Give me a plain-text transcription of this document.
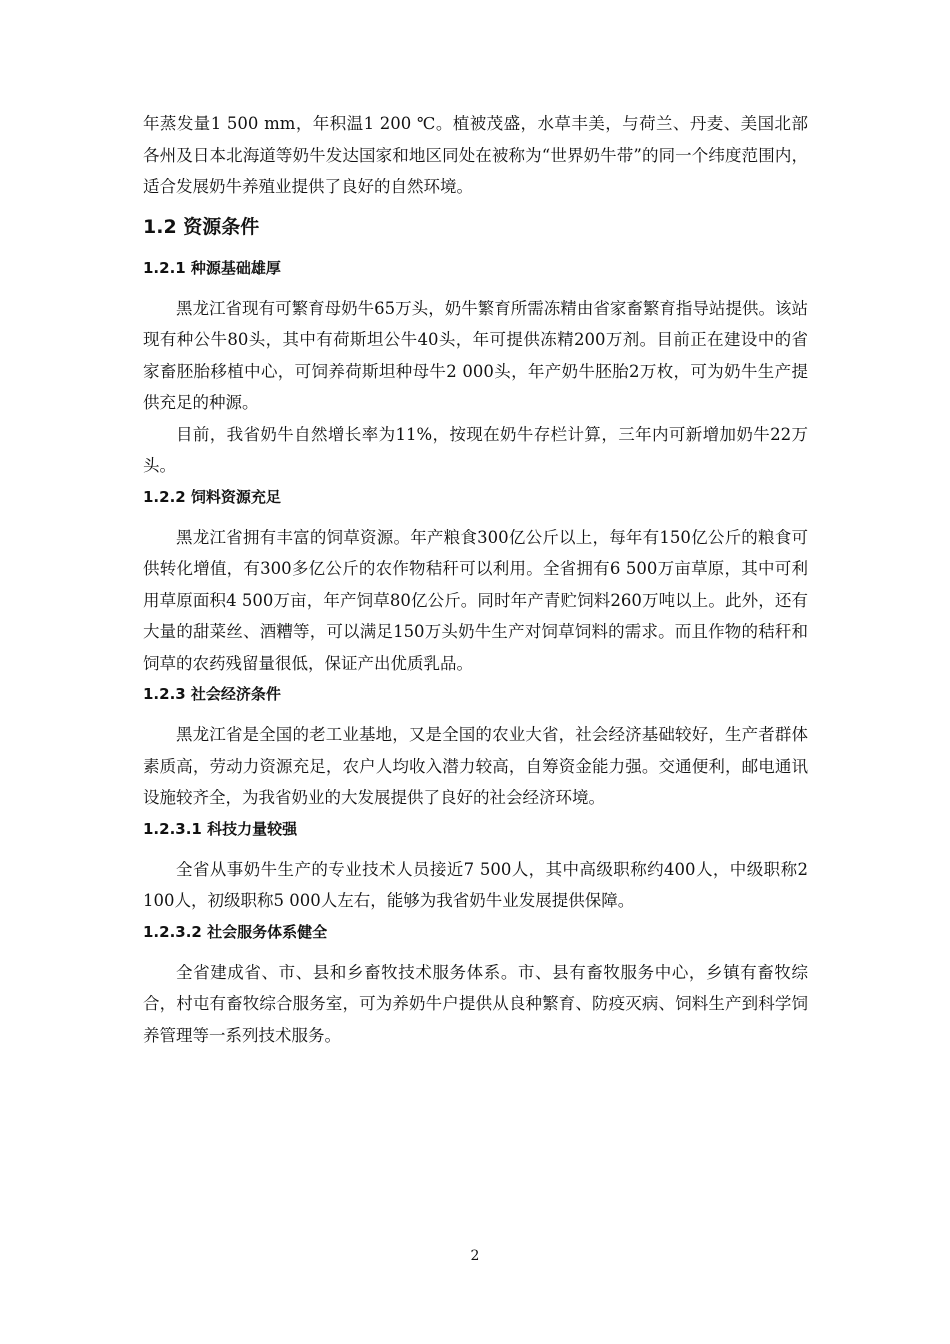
年蒸发量1 500 mm，年积温1 200 ℃。植被茂盛，水草丰美，与荷兰、丹麦、美国北部各州及日本北海道等奶牛发达国家和地区同处在被称为“世界奶牛带”的同一个纬度范围内，适合发展奶牛养殖业提供了良好的自然环境。

1.2 资源条件
1.2.1 种源基础雄厚

黑龙江省现有可繁育母奶牛65万头，奶牛繁育所需冻精由省家畜繁育指导站提供。该站现有种公牛80头，其中有荷斯坦公牛40头，年可提供冻精200万剂。目前正在建设中的省家畜胚胎移植中心，可饲养荷斯坦种母牛2 000头，年产奶牛胚胎2万枚，可为奶牛生产提供充足的种源。

目前，我省奶牛自然增长率为11%，按现在奶牛存栏计算，三年内可新增加奶牛22万头。

1.2.2 饲料资源充足

黑龙江省拥有丰富的饲草资源。年产粮食300亿公斤以上，每年有150亿公斤的粮食可供转化增值，有300多亿公斤的农作物秸秆可以利用。全省拥有6 500万亩草原，其中可利用草原面积4 500万亩，年产饲草80亿公斤。同时年产青贮饲料260万吨以上。此外，还有大量的甜菜丝、酒糟等，可以满足150万头奶牛生产对饲草饲料的需求。而且作物的秸秆和饲草的农药残留量很低，保证产出优质乳品。

1.2.3 社会经济条件

黑龙江省是全国的老工业基地，又是全国的农业大省，社会经济基础较好，生产者群体素质高，劳动力资源充足，农户人均收入潜力较高，自筹资金能力强。交通便利，邮电通讯设施较齐全，为我省奶业的大发展提供了良好的社会经济环境。

1.2.3.1 科技力量较强

全省从事奶牛生产的专业技术人员接近7 500人，其中高级职称约400人，中级职称2 100人，初级职称5 000人左右，能够为我省奶牛业发展提供保障。

1.2.3.2 社会服务体系健全

全省建成省、市、县和乡畜牧技术服务体系。市、县有畜牧服务中心，乡镇有畜牧综合，村屯有畜牧综合服务室，可为养奶牛户提供从良种繁育、防疫灭病、饲料生产到科学饲养管理等一系列技术服务。

2
